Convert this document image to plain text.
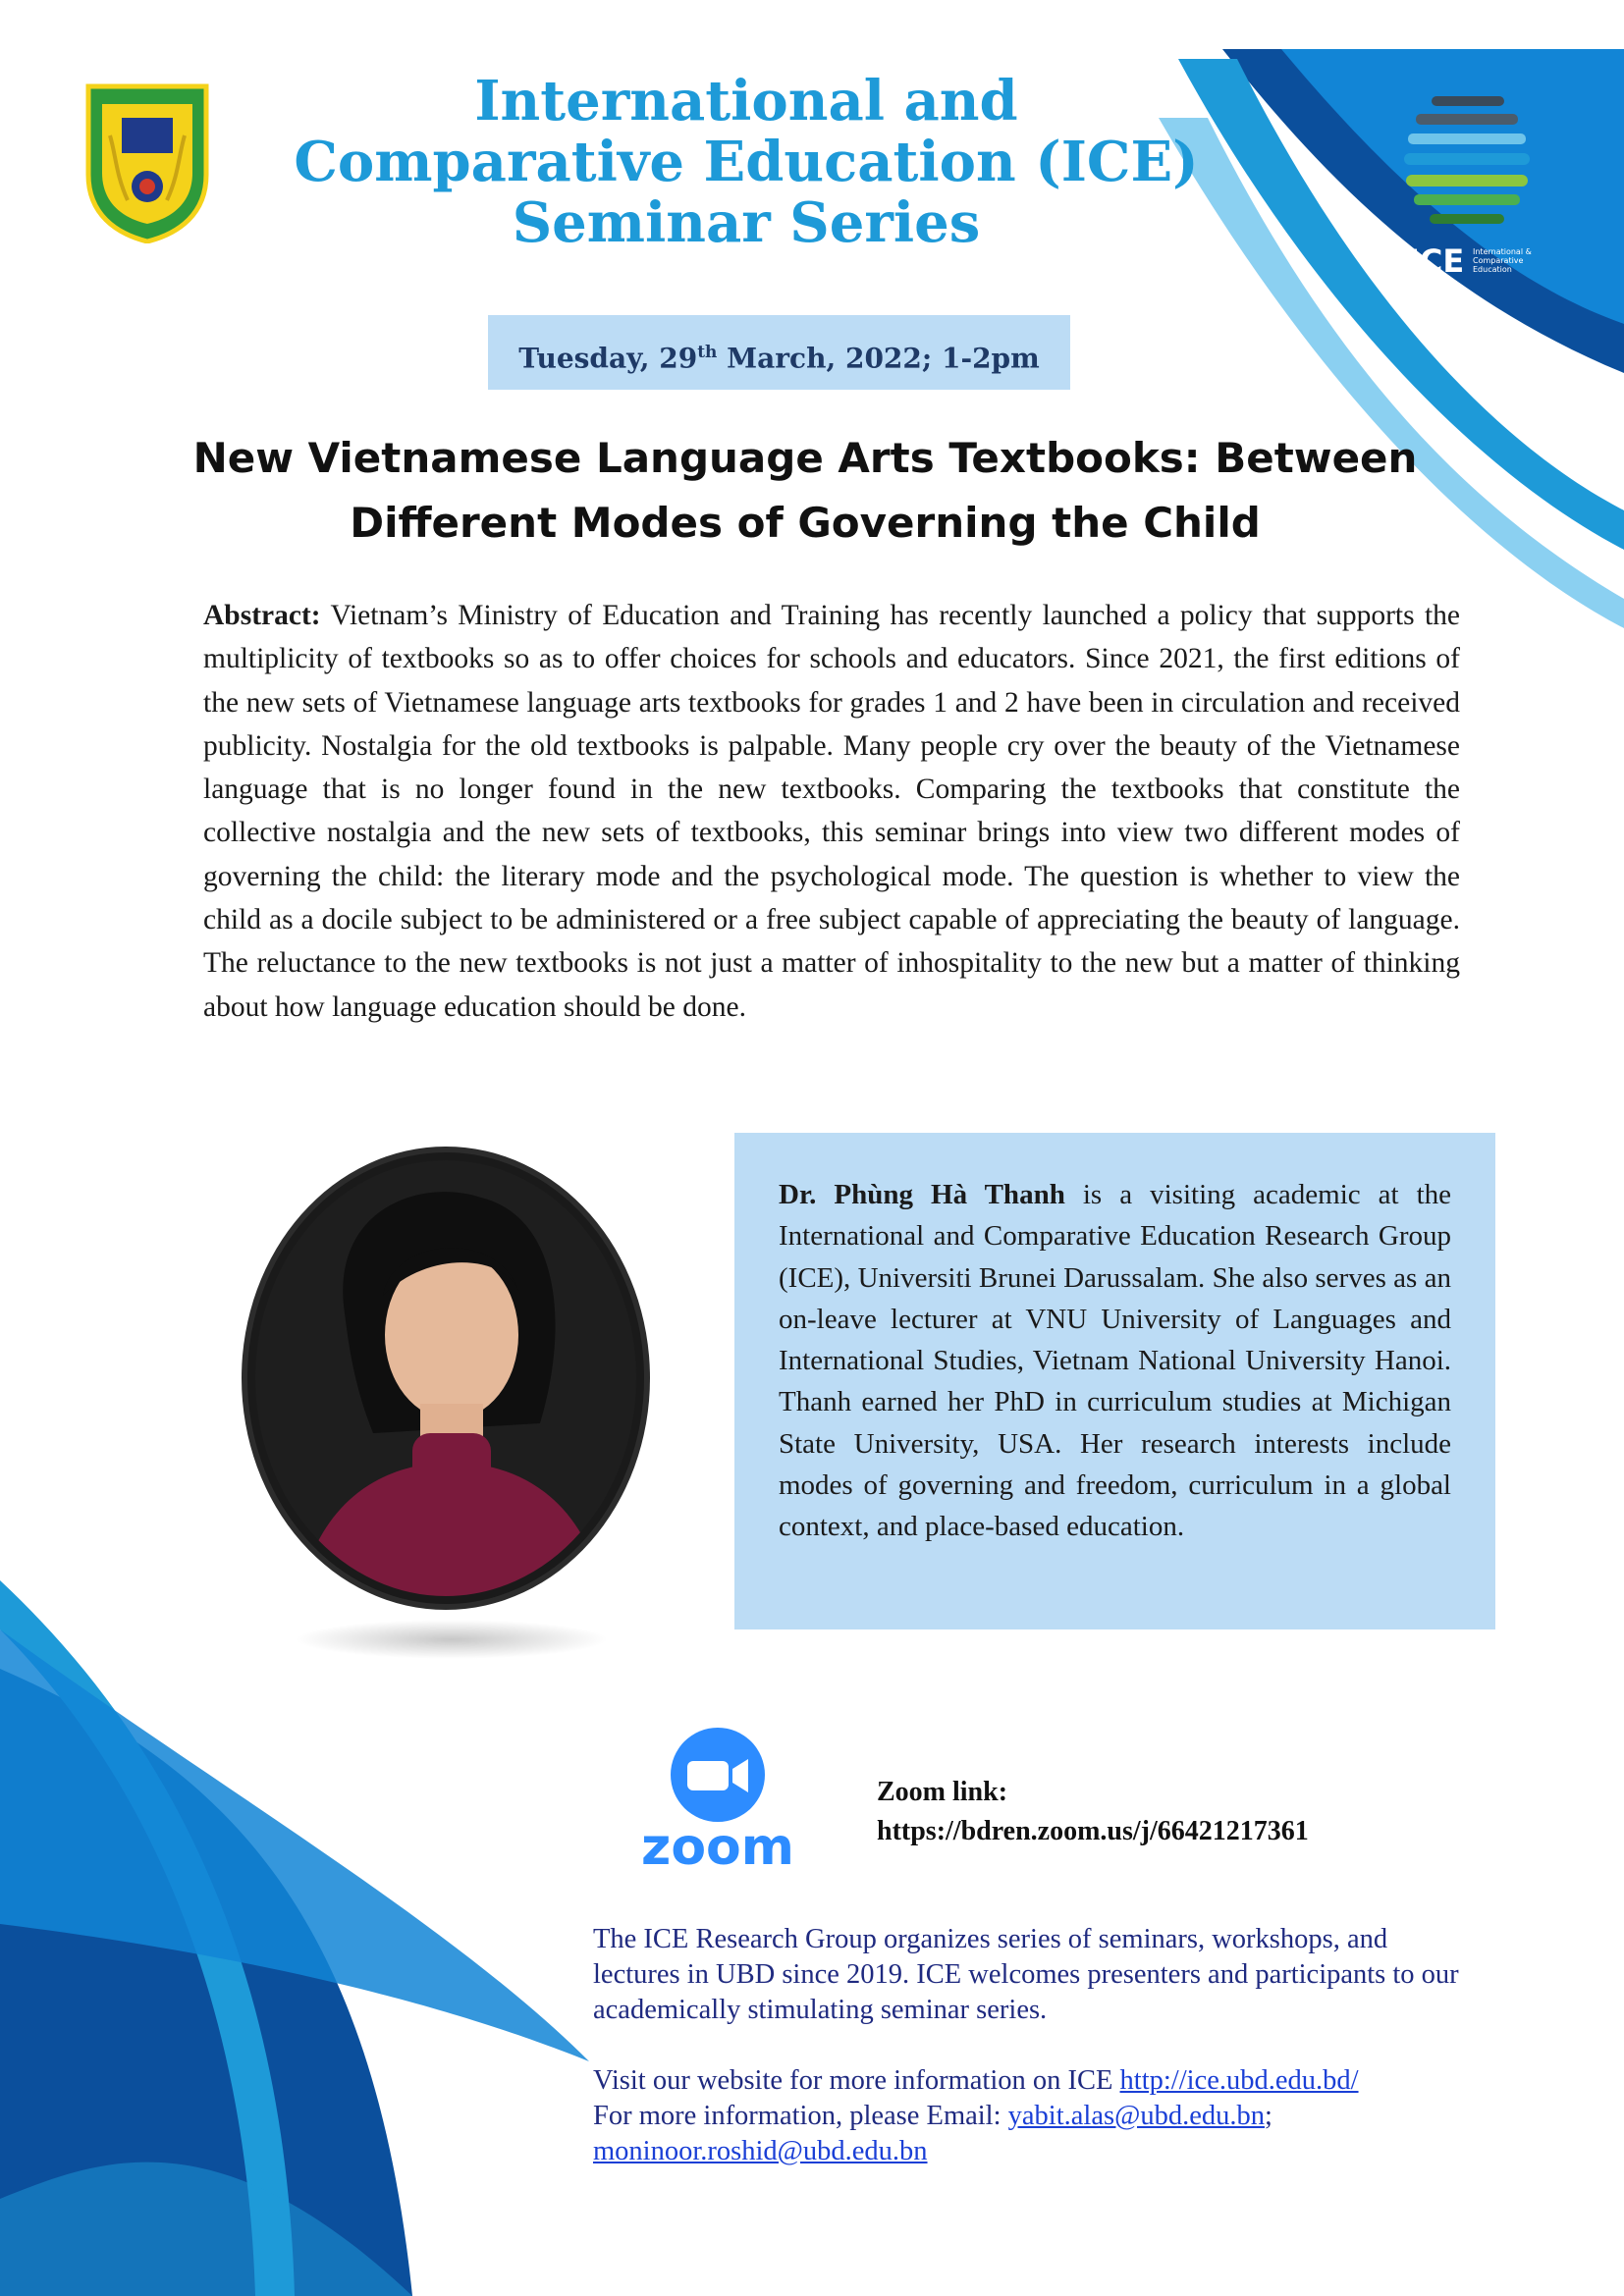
International and
Comparative Education (ICE)
Seminar Series
ICE International &
Comparative
Education
Tuesday, 29th March, 2022; 1-2pm
New Vietnamese Language Arts Textbooks: Between
Different Modes of Governing the Child
Abstract: Vietnam’s Ministry of Education and Training has recently launched a policy that supports the multiplicity of textbooks so as to offer choices for schools and educators. Since 2021, the first editions of the new sets of Vietnamese language arts textbooks for grades 1 and 2 have been in circulation and received publicity. Nostalgia for the old textbooks is palpable. Many people cry over the beauty of the Vietnamese language that is no longer found in the new textbooks. Comparing the textbooks that constitute the collective nostalgia and the new sets of textbooks, this seminar brings into view two different modes of governing the child: the literary mode and the psychological mode. The question is whether to view the child as a docile subject to be administered or a free subject capable of appreciating the beauty of language. The reluctance to the new textbooks is not just a matter of inhospitality to the new but a matter of thinking about how language education should be done.
Dr. Phùng Hà Thanh is a visiting academic at the International and Comparative Education Research Group (ICE), Universiti Brunei Darussalam. She also serves as an on-leave lecturer at VNU University of Languages and International Studies, Vietnam National University Hanoi. Thanh earned her PhD in curriculum studies at Michigan State University, USA. Her research interests include modes of governing and freedom, curriculum in a global context, and place-based education.
zoom
Zoom link:
https://bdren.zoom.us/j/66421217361
The ICE Research Group organizes series of seminars, workshops, and lectures in UBD since 2019. ICE welcomes presenters and participants to our academically stimulating seminar series.
Visit our website for more information on ICE http://ice.ubd.edu.bd/
For more information, please Email: yabit.alas@ubd.edu.bn;
moninoor.roshid@ubd.edu.bn
